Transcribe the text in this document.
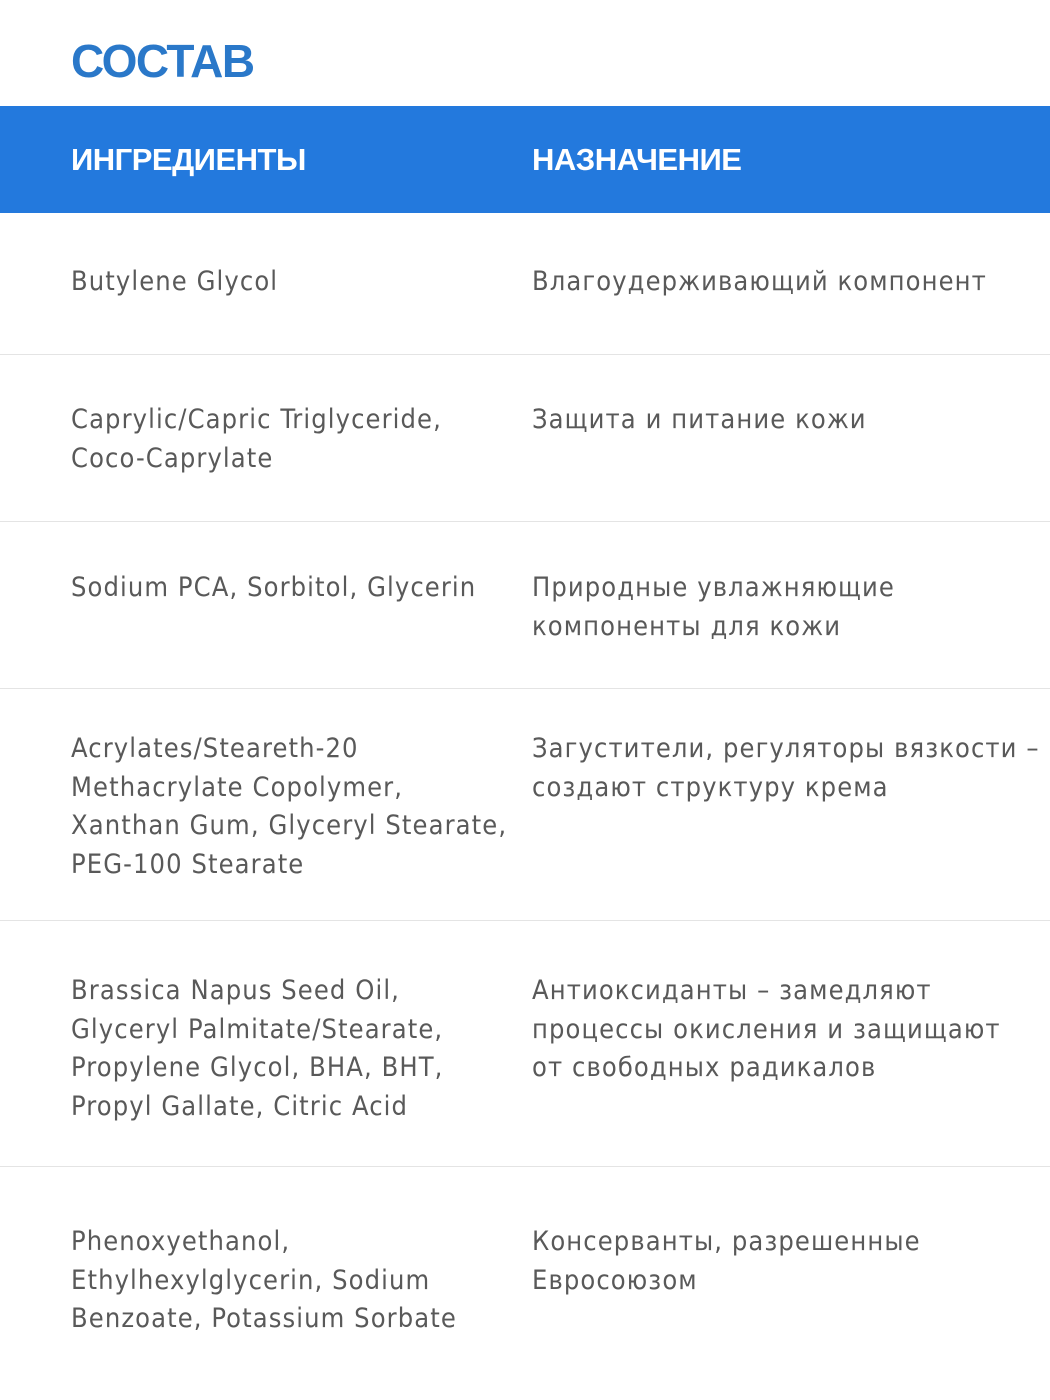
СОСТАВ
ИНГРЕДИЕНТЫ	НАЗНАЧЕНИЕ
Butylene Glycol	Влагоудерживающий компонент
Caprylic/Capric Triglyceride,
Coco-Caprylate
Защита и питание кожи
Sodium PCA, Sorbitol, Glycerin Природные увлажняющие
компоненты для кожи
Acrylates/Steareth-20
Methacrylate Copolymer,
Xanthan Gum, Glyceryl Stearate,
PEG-100 Stearate
Загустители, регуляторы вязкости –
создают структуру крема
Brassica Napus Seed Oil,
Glyceryl Palmitate/Stearate,
Propylene Glycol, BHA, BHT,
Propyl Gallate, Citric Acid
Антиоксиданты – замедляют
процессы окисления и защищают
от свободных радикалов
Phenoxyethanol,
Ethylhexylglycerin, Sodium
Benzoate, Potassium Sorbate
Консерванты, разрешенные
Евросоюзом
